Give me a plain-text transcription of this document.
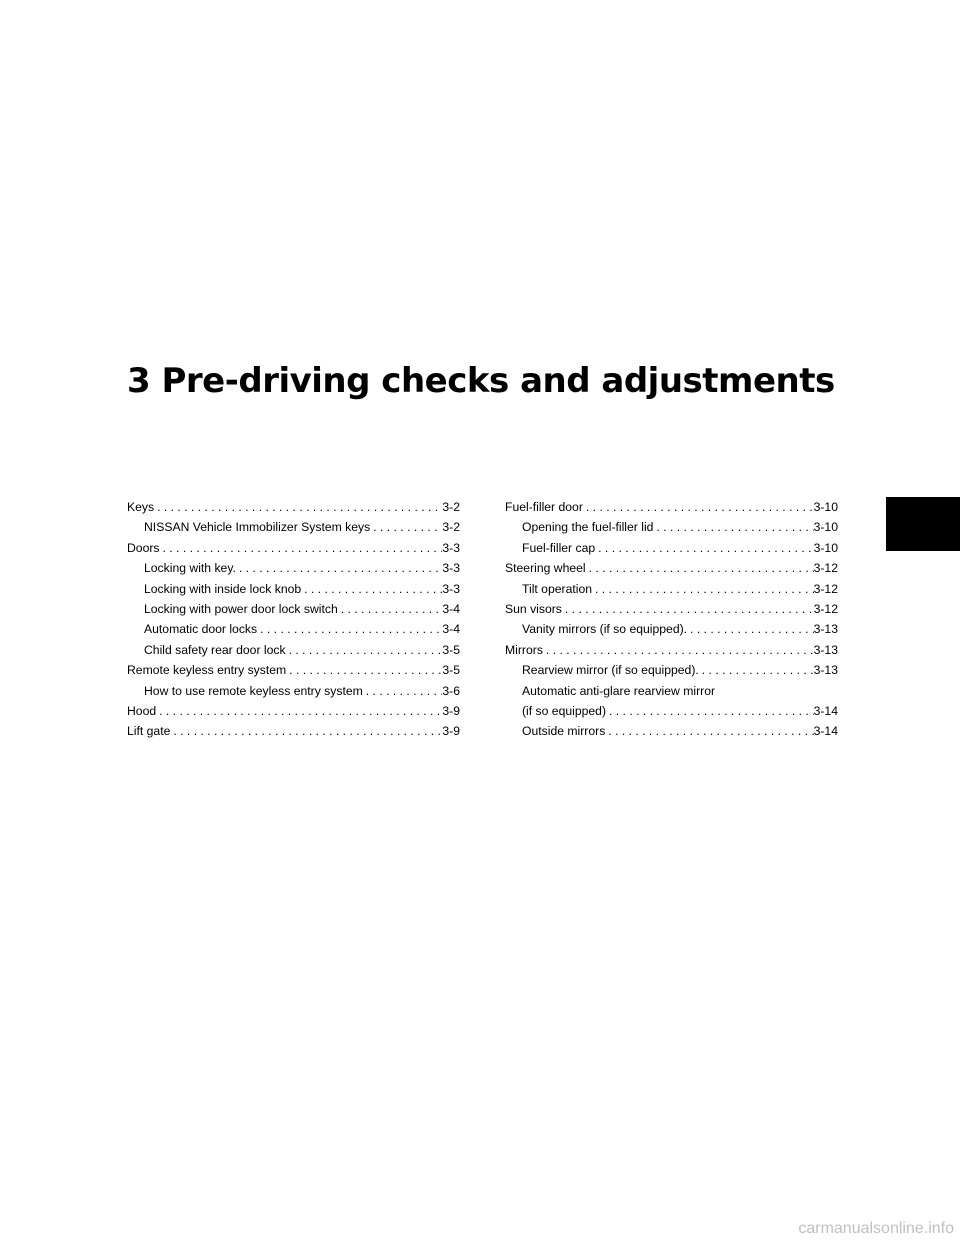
3 Pre-driving checks and adjustments
Keys . . .	3-2
NISSAN Vehicle Immobilizer System keys . . .	3-2
Doors . . .	3-3
Locking with key. . . .	3-3
Locking with inside lock knob . . .	3-3
Locking with power door lock switch . . .	3-4
Automatic door locks . . .	3-4
Child safety rear door lock . . .	3-5
Remote keyless entry system . . .	3-5
How to use remote keyless entry system . . .	3-6
Hood . . .	3-9
Lift gate . . .	3-9
Fuel-filler door . . .	3-10
Opening the fuel-filler lid . . .	3-10
Fuel-filler cap . . .	3-10
Steering wheel . . .	3-12
Tilt operation . . .	3-12
Sun visors . . .	3-12
Vanity mirrors (if so equipped). . . .	3-13
Mirrors . . .	3-13
Rearview mirror (if so equipped). . . .	3-13
Automatic anti-glare rearview mirror
(if so equipped) . . .	3-14
Outside mirrors . . .	3-14
carmanualsonline.info
